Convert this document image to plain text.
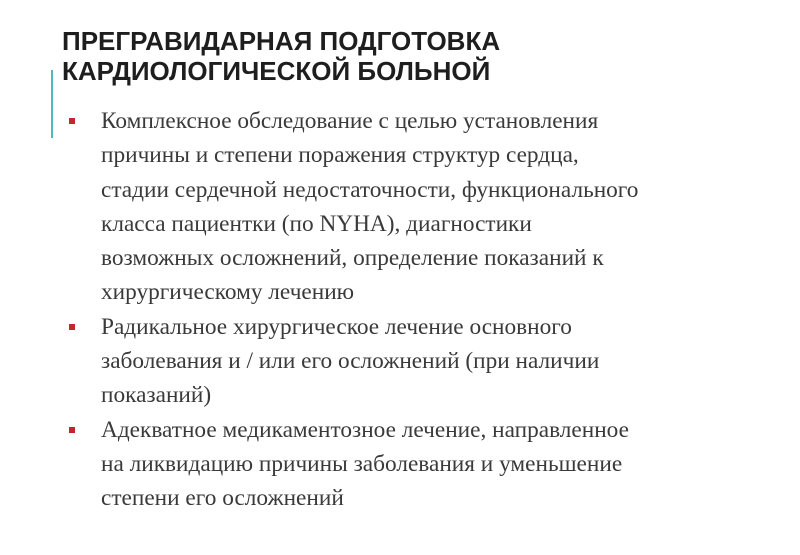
ПРЕГРАВИДАРНАЯ ПОДГОТОВКА
КАРДИОЛОГИЧЕСКОЙ БОЛЬНОЙ
Комплексное обследование с целью установления
причины и степени поражения структур сердца,
стадии сердечной недостаточности, функционального
класса пациентки (по NYHA), диагностики
возможных осложнений, определение показаний к
хирургическому лечению
Радикальное хирургическое лечение основного
заболевания и / или его осложнений (при наличии
показаний)
Адекватное медикаментозное лечение, направленное
на ликвидацию причины заболевания и уменьшение
степени его осложнений
